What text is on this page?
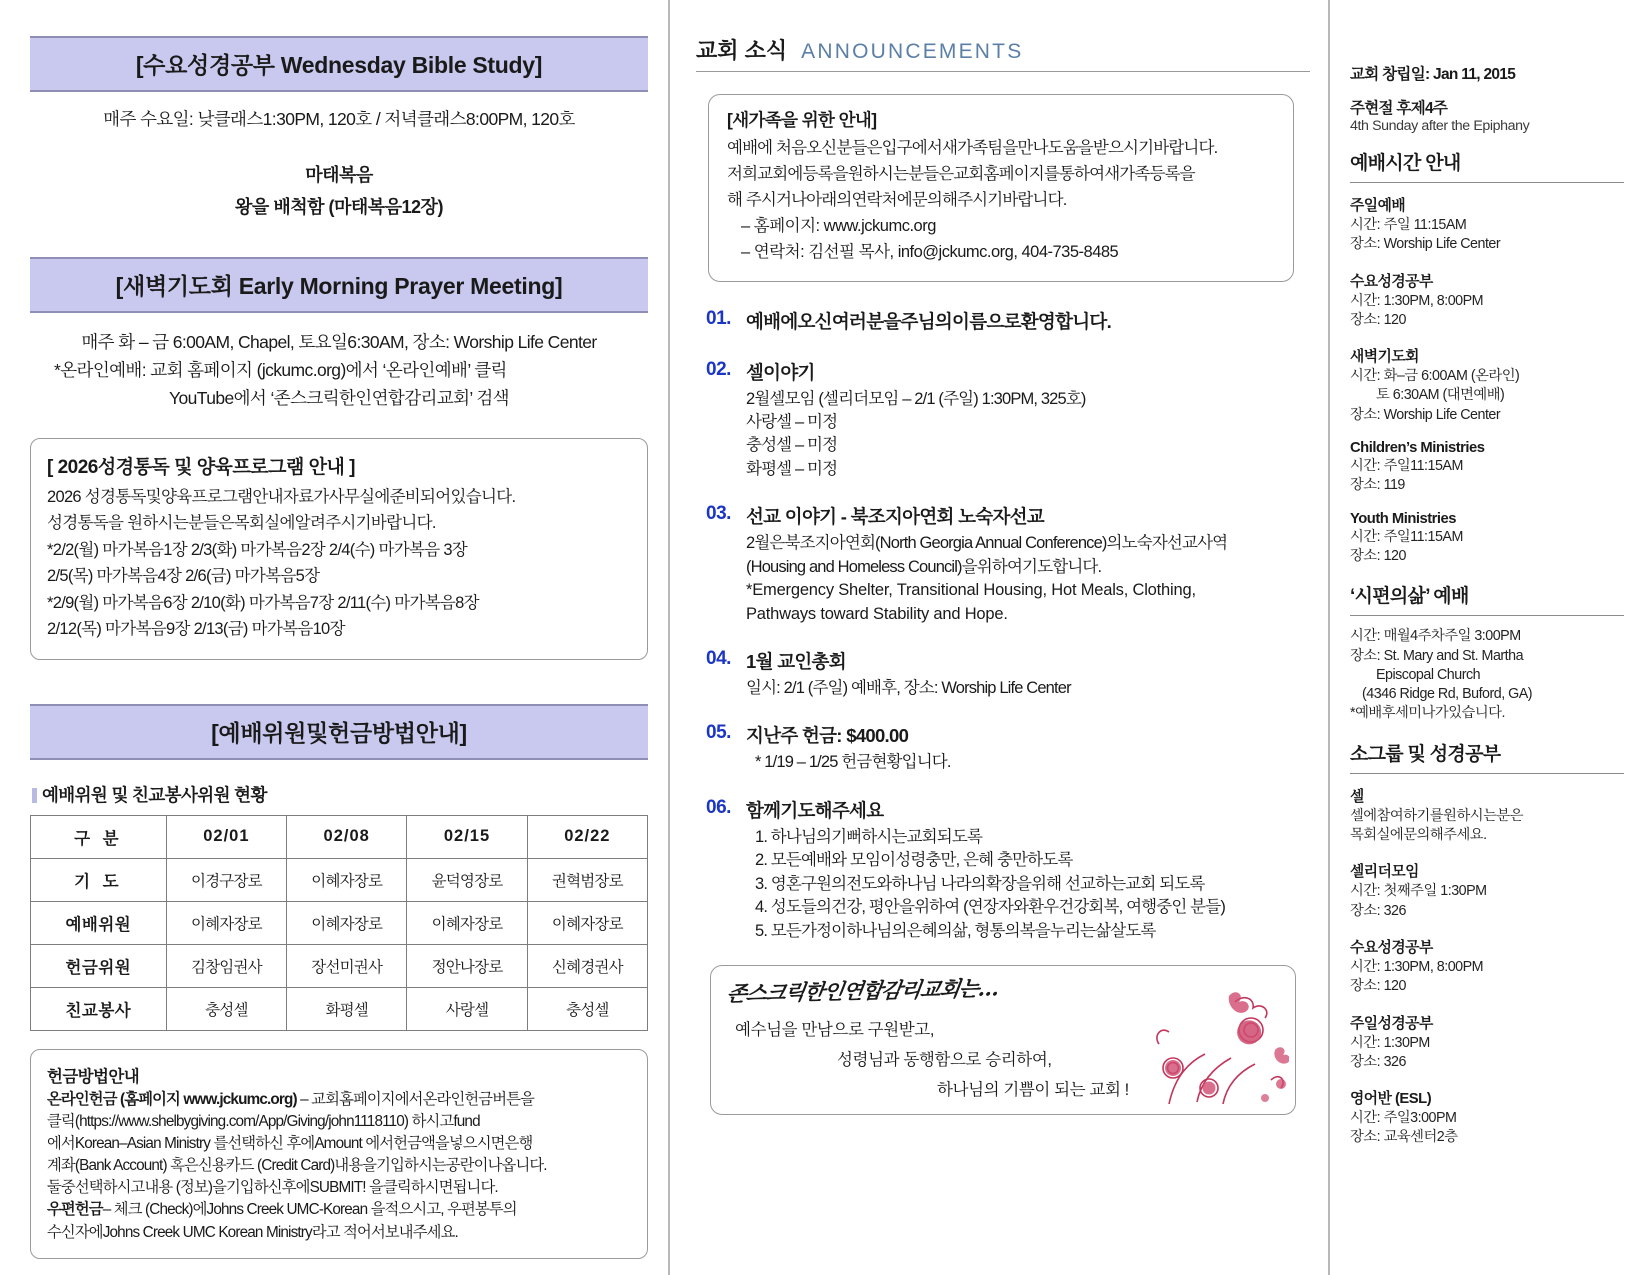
[수요성경공부 Wednesday Bible Study]
매주 수요일: 낮클래스1:30PM, 120호 / 저녁클래스8:00PM, 120호
마태복음
왕을 배척함 (마태복음12장)
[새벽기도회 Early Morning Prayer Meeting]
매주 화 – 금 6:00AM, Chapel, 토요일6:30AM, 장소: Worship Life Center
*온라인예배: 교회 홈페이지 (jckumc.org)에서 ‘온라인예배’ 클릭
YouTube에서 ‘존스크릭한인연합감리교회’ 검색
[ 2026성경통독 및 양육프로그램 안내 ]

2026 성경통독및양육프로그램안내자료가사무실에준비되어있습니다.

성경통독을 원하시는분들은목회실에알려주시기바랍니다.

*2/2(월) 마가복음1장 2/3(화) 마가복음2장 2/4(수) 마가복음 3장

2/5(목) 마가복음4장 2/6(금) 마가복음5장

*2/9(월) 마가복음6장 2/10(화) 마가복음7장 2/11(수) 마가복음8장

2/12(목) 마가복음9장 2/13(금) 마가복음10장

[예배위원및헌금방법안내]
예배위원 및 친교봉사위원 현황
구 분	02/01	02/08	02/15	02/22
기 도	이경구장로	이혜자장로	윤덕영장로	권혁범장로
예배위원	이혜자장로	이혜자장로	이혜자장로	이혜자장로
헌금위원	김창임권사	장선미권사	정안나장로	신혜경권사
친교봉사	충성셀	화평셀	사랑셀	충성셀
헌금방법안내

온라인헌금 (홈페이지 www.jckumc.org) – 교회홈페이지에서온라인헌금버튼을

클릭(https://www.shelbygiving.com/App/Giving/john1118110) 하시고fund

에서Korean–Asian Ministry 를선택하신 후에Amount 에서헌금액을넣으시면은행

계좌(Bank Account) 혹은신용카드 (Credit Card)내용을기입하시는공란이나옵니다.

둘중선택하시고내용 (정보)을기입하신후에SUBMIT! 을클릭하시면됩니다.

우편헌금– 체크 (Check)에Johns Creek UMC-Korean 을적으시고, 우편봉투의

수신자에Johns Creek UMC Korean Ministry라고 적어서보내주세요.

교회 소식 ANNOUNCEMENTS
[새가족을 위한 안내]

예배에 처음오신분들은입구에서새가족팀을만나도움을받으시기바랍니다.

저희교회에등록을원하시는분들은교회홈페이지를통하여새가족등록을

해 주시거나아래의연락처에문의해주시기바랍니다.

– 홈페이지: www.jckumc.org

– 연락처: 김선필 목사, info@jckumc.org, 404-735-8485

01. 예배에오신여러분을주님의이름으로환영합니다.
02. 셀이야기

2월셀모임 (셀리더모임 – 2/1 (주일) 1:30PM, 325호)

사랑셀 – 미정

충성셀 – 미정

화평셀 – 미정

03. 선교 이야기 - 북조지아연회 노숙자선교

2월은북조지아연회(North Georgia Annual Conference)의노숙자선교사역

(Housing and Homeless Council)을위하여기도합니다.

*Emergency Shelter, Transitional Housing, Hot Meals, Clothing,

Pathways toward Stability and Hope.

04. 1월 교인총회

일시: 2/1 (주일) 예배후, 장소: Worship Life Center

05. 지난주 헌금: $400.00

* 1/19 – 1/25 헌금현황입니다.

06. 함께기도해주세요

1. 하나님의기뻐하시는교회되도록

2. 모든예배와 모임이성령충만, 은혜 충만하도록

3. 영혼구원의전도와하나님 나라의확장을위해 선교하는교회 되도록

4. 성도들의건강, 평안을위하여 (연장자와환우건강회복, 여행중인 분들)

5. 모든가정이하나님의은혜의삶, 형통의복을누리는삶살도록

존스크릭한인연합감리교회는…
예수님을 만남으로 구원받고,
성령님과 동행함으로 승리하여,
하나님의 기쁨이 되는 교회 !
교회 창립일: Jan 11, 2015
주현절 후제4주
4th Sunday after the Epiphany
예배시간 안내
주일예배
시간: 주일 11:15AM
장소: Worship Life Center
수요성경공부
시간: 1:30PM, 8:00PM
장소: 120
새벽기도회
시간: 화–금 6:00AM (온라인)
토 6:30AM (대면예배)
장소: Worship Life Center
Children’s Ministries
시간: 주일11:15AM
장소: 119
Youth Ministries
시간: 주일11:15AM
장소: 120
‘시편의삶’ 예배
시간: 매월4주차주일 3:00PM
장소: St. Mary and St. Martha
Episcopal Church
(4346 Ridge Rd, Buford, GA)
*예배후세미나가있습니다.
소그룹 및 성경공부
셀
셀에참여하기를원하시는분은
목회실에문의해주세요.
셀리더모임
시간: 첫째주일 1:30PM
장소: 326
수요성경공부
시간: 1:30PM, 8:00PM
장소: 120
주일성경공부
시간: 1:30PM
장소: 326
영어반 (ESL)
시간: 주일3:00PM
장소: 교육센터2층
